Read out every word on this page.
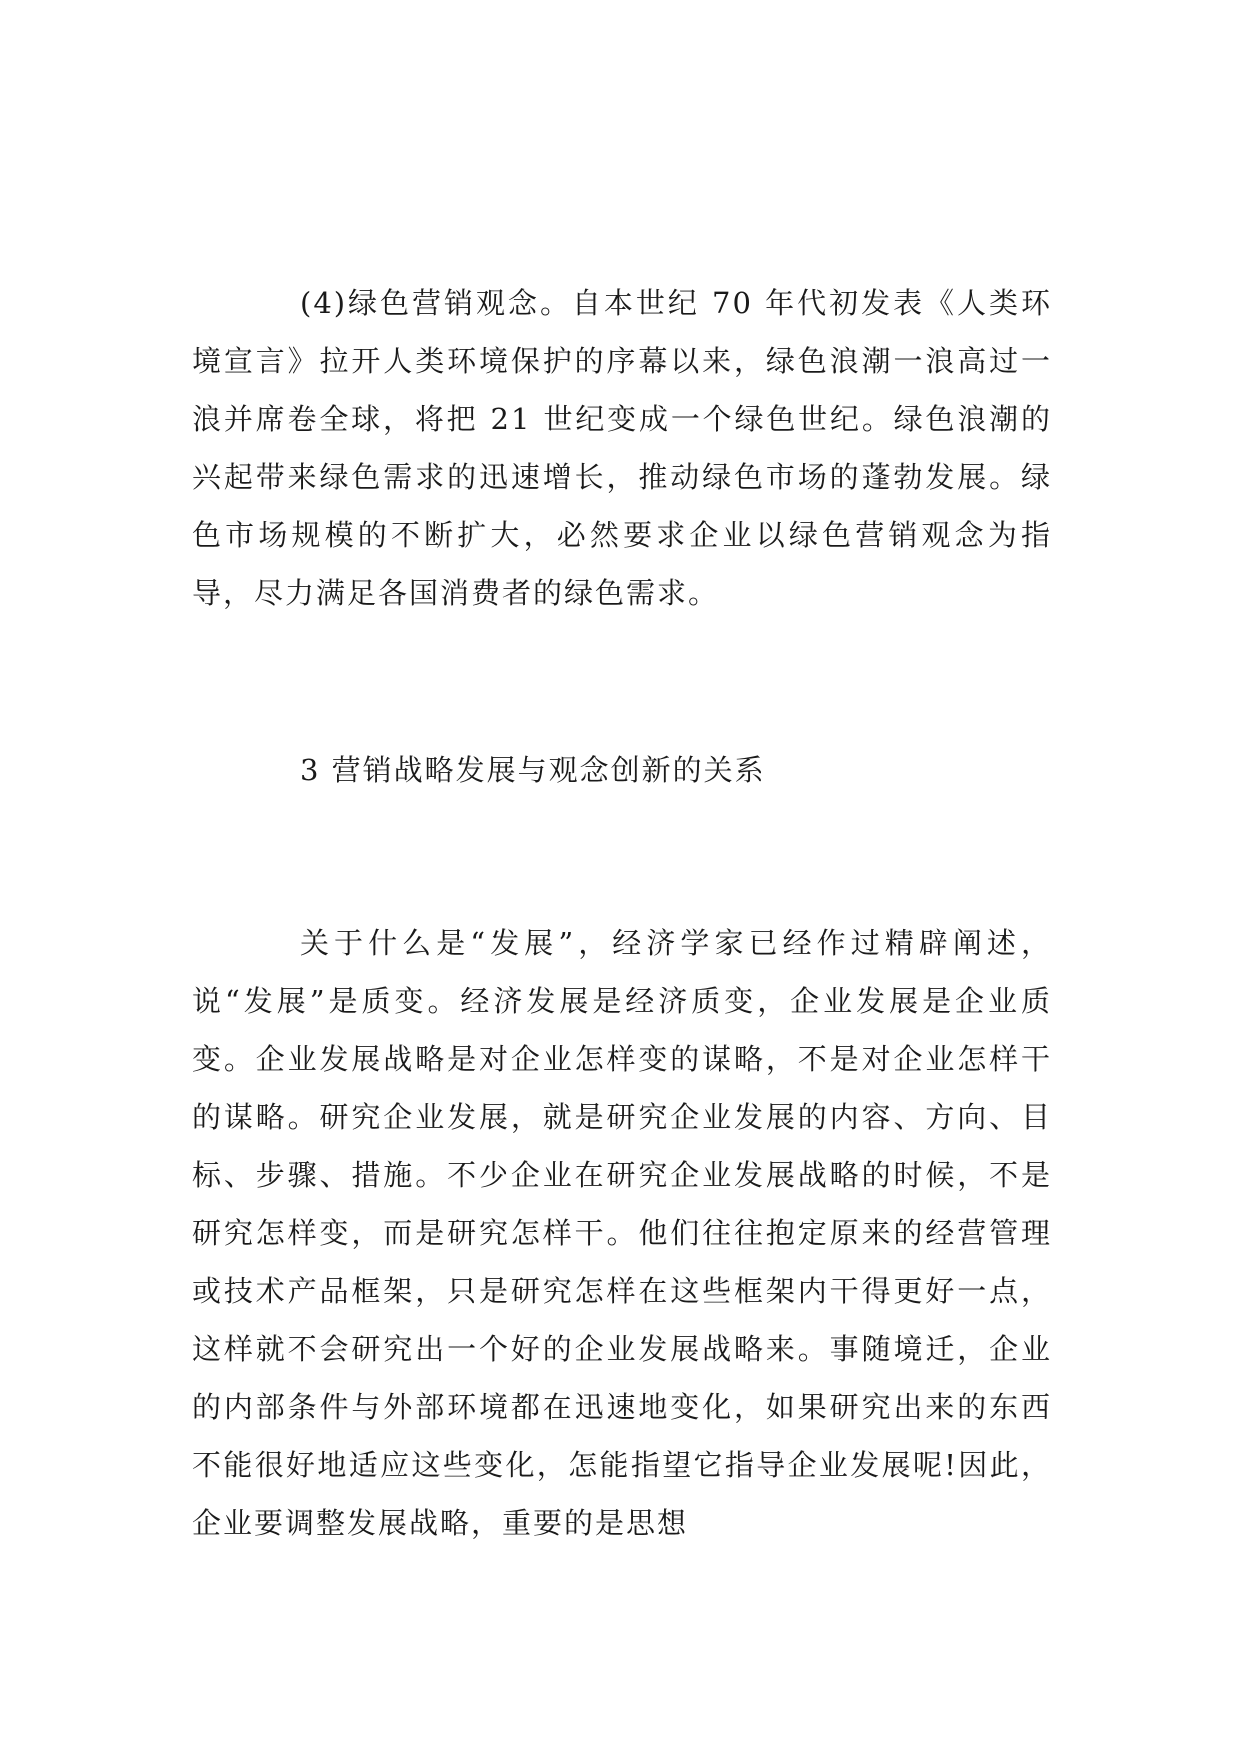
(4)绿色营销观念。自本世纪 70 年代初发表《人类环境宣言》拉开人类环境保护的序幕以来，绿色浪潮一浪高过一浪并席卷全球，将把 21 世纪变成一个绿色世纪。绿色浪潮的兴起带来绿色需求的迅速增长，推动绿色市场的蓬勃发展。绿色市场规模的不断扩大，必然要求企业以绿色营销观念为指导，尽力满足各国消费者的绿色需求。

3 营销战略发展与观念创新的关系

关于什么是“发展”，经济学家已经作过精辟阐述，说“发展”是质变。经济发展是经济质变，企业发展是企业质变。企业发展战略是对企业怎样变的谋略，不是对企业怎样干的谋略。研究企业发展，就是研究企业发展的内容、方向、目标、步骤、措施。不少企业在研究企业发展战略的时候，不是研究怎样变，而是研究怎样干。他们往往抱定原来的经营管理或技术产品框架，只是研究怎样在这些框架内干得更好一点，这样就不会研究出一个好的企业发展战略来。事随境迁，企业的内部条件与外部环境都在迅速地变化，如果研究出来的东西不能很好地适应这些变化，怎能指望它指导企业发展呢!因此，企业要调整发展战略，重要的是思想
